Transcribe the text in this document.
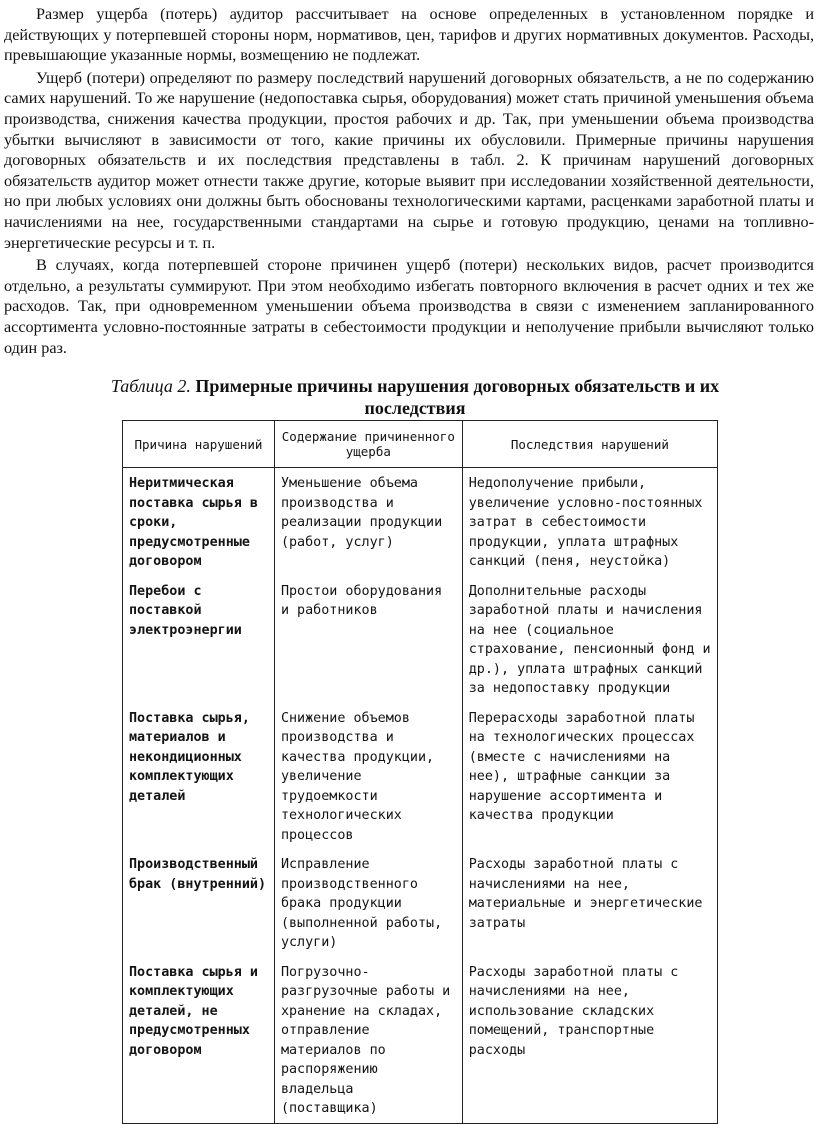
Размер ущерба (потерь) аудитор рассчитывает на основе определенных в установленном порядке и действующих у потерпевшей стороны норм, нормативов, цен, тарифов и других нормативных документов. Расходы, превышающие указанные нормы, возмещению не подлежат.

Ущерб (потери) определяют по размеру последствий нарушений договорных обязательств, а не по содержанию самих нарушений. То же нарушение (недопоставка сырья, оборудования) может стать причиной уменьшения объема производства, снижения качества продукции, простоя рабочих и др. Так, при уменьшении объема производства убытки вычисляют в зависимости от того, какие причины их обусловили. Примерные причины нарушения договорных обязательств и их последствия представлены в табл. 2. К причинам нарушений договорных обязательств аудитор может отнести также другие, которые выявит при исследовании хозяйственной деятельности, но при любых условиях они должны быть обоснованы технологическими картами, расценками заработной платы и начислениями на нее, государственными стандартами на сырье и готовую продукцию, ценами на топливно-энергетические ресурсы и т. п.

В случаях, когда потерпевшей стороне причинен ущерб (потери) нескольких видов, расчет производится отдельно, а результаты суммируют. При этом необходимо избегать повторного включения в расчет одних и тех же расходов. Так, при одновременном уменьшении объема производства в связи с изменением запланированного ассортимента условно-постоянные затраты в себестоимости продукции и неполучение прибыли вычисляют только один раз.

Таблица 2. Примерные причины нарушения договорных обязательств и их последствия
Причина нарушений	Содержание причиненного ущерба	Последствия нарушений
Неритмическая поставка сырья в сроки, предусмотренные договором	Уменьшение объема производства и реализации продукции (работ, услуг)	Недополучение прибыли, увеличение условно-постоянных затрат в себестоимости продукции, уплата штрафных санкций (пеня, неустойка)
Перебои с поставкой электроэнергии	Простои оборудования и работников	Дополнительные расходы заработной платы и начисления на нее (социальное страхование, пенсионный фонд и др.), уплата штрафных санкций за недопоставку продукции
Поставка сырья, материалов и некондиционных комплектующих деталей	Снижение объемов производства и качества продукции, увеличение трудоемкости технологических процессов	Перерасходы заработной платы на технологических процессах (вместе с начислениями на нее), штрафные санкции за нарушение ассортимента и качества продукции
Производственный брак (внутренний)	Исправление производственного брака продукции (выполненной работы, услуги)	Расходы заработной платы с начислениями на нее, материальные и энергетические затраты
Поставка сырья и комплектующих деталей, не предусмотренных договором	Погрузочно-разгрузочные работы и хранение на складах, отправление материалов по распоряжению владельца (поставщика)	Расходы заработной платы с начислениями на нее, использование складских помещений, транспортные расходы
